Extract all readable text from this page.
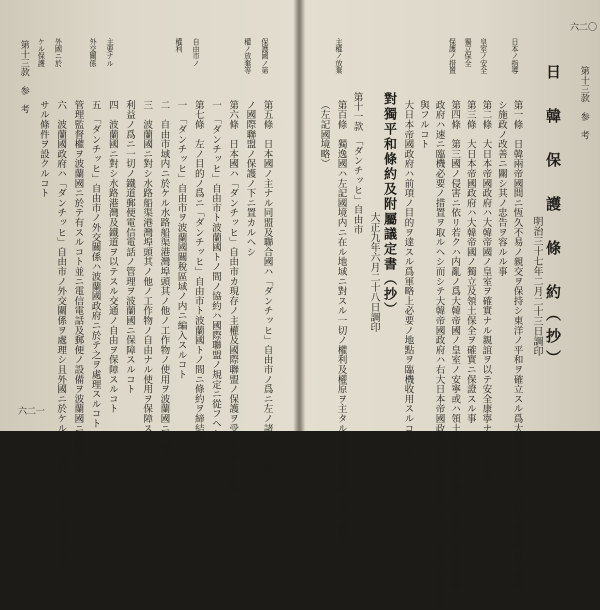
六二一
第十三款　参　考	保護國ノ第
第五條　日本國ノ主ナル同盟及聯合國ハ「ダンチッヒ」自由市ノ爲ニ左ノ諸條件ヲ確定スヘシ
權ノ放棄等
ノ國際聯盟ノ保護ノ下ニ置カルヘシ
第六條　日本國ハ「ダンチッヒ」自由市カ現存ノ主權及國際聯盟ノ保護ヲ受クル事ヲ承認ス
一　「ダンチッヒ」自由市ト波蘭國トノ間ノ協約ハ國際聯盟ノ規定ニ從フヘシ
自由市ノ
第七條　左ノ目的ノ爲ニ「ダンチッヒ」自由市ト波蘭國トノ間ニ條約ヲ締結スヘシ
權利
一　「ダンチッヒ」自由市ヲ波蘭國關稅區域ノ内ニ編入スルコト
二　自由市域内ニ於ケル水路船渠港灣埠頭其ノ他ノ工作物ノ使用ヲ波蘭國ニ保障スルコト
三　波蘭國ニ對シ水路船渠港灣埠頭其ノ他ノ工作物ノ自由ナル使用ヲ保障スルコト
利益ノ爲ニ一切ノ鐵道郵便電信電話ノ管理ヲ波蘭國ニ保障スルコト
主要ナル
四　波蘭國ニ對シ水路港灣及鐵道ヲ以テスル交通ノ自由ヲ保障スルコト
外交關係
五　「ダンチッヒ」自由市ノ外交關係ハ波蘭國政府ニ於テ之ヲ處理スルコト
管理監督權ヲ波蘭國ニ於テ有スルコト並ニ電信電話及郵便ノ設備ヲ波蘭國ニ保障スル
外國ニ於
六　波蘭國政府ハ「ダンチッヒ」自由市ノ外交關係ヲ處理シ且外國ニ於ケル自由市民ノ外交上ノ保護ヲ爲スヘシ
ケル保護
サル條件ヲ設クルコト
六二〇
第十三款　参　考
日　韓　保　護　條　約（抄）
明治三十七年二月二十三日調印
日本ノ指導
第一條　日韓兩帝國間ニ恆久不易ノ親交ヲ保持シ東洋ノ平和ヲ確立スル爲大韓帝國政府ハ大日本帝國政府ヲ確信
シ施政ノ改善ニ關シ其ノ忠告ヲ容ルル事
皇室ノ安全
第二條　大日本帝國政府ハ大韓帝國ノ皇室ヲ確實ナル親誼ヲ以テ安全康寧ナラシムル事
獨立保全
第三條　大日本帝國政府ハ大韓帝國ノ獨立及領土保全ヲ確實ニ保證スル事
保護ノ措置
第四條　第三國ノ侵害ニ依リ若クハ内亂ノ爲大韓帝國ノ皇室ノ安寧或ハ領土ノ保全ニ危險アル場合ハ大日本帝國
政府ハ速ニ臨機必要ノ措置ヲ取ルヘシ而シテ大韓帝國政府ハ右大日本帝國政府ノ行動ヲ容易ナラシムル爲十分便宜ヲ
與フルコト
大日本帝國政府ハ前項ノ目的ヲ達スル爲軍略上必要ノ地點ヲ臨機收用スルコトヲ得ルコト
對獨平和條約及附屬議定書（抄）
大正九年六月二十八日調印
第十一款　「ダンチッヒ」自由市
主權ノ放棄
第百條　獨逸國ハ左記國境内ニ在ル地域ニ對スル一切ノ權利及權原ヲ主タル同盟及聯合國ノ爲ニ抛棄ス
（左記國境略）
